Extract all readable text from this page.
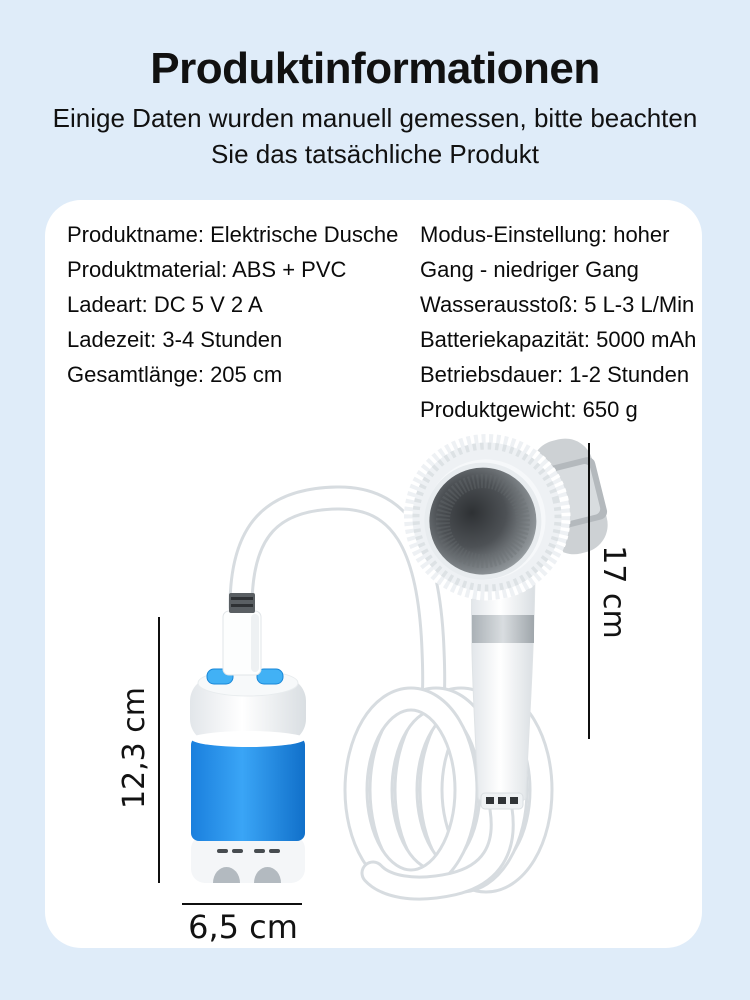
Produktinformationen
Einige Daten wurden manuell gemessen, bitte beachten
Sie das tatsächliche Produkt
Produktname: Elektrische Dusche
Produktmaterial: ABS + PVC
Ladeart: DC 5 V 2 A
Ladezeit: 3-4 Stunden
Gesamtlänge: 205 cm
Modus-Einstellung: hoher Gang - niedriger Gang
Wasserausstoß: 5 L-3 L/Min
Batteriekapazität: 5000 mAh
Betriebsdauer: 1-2 Stunden
Produktgewicht: 650 g
17 cm
12,3 cm
6,5 cm
